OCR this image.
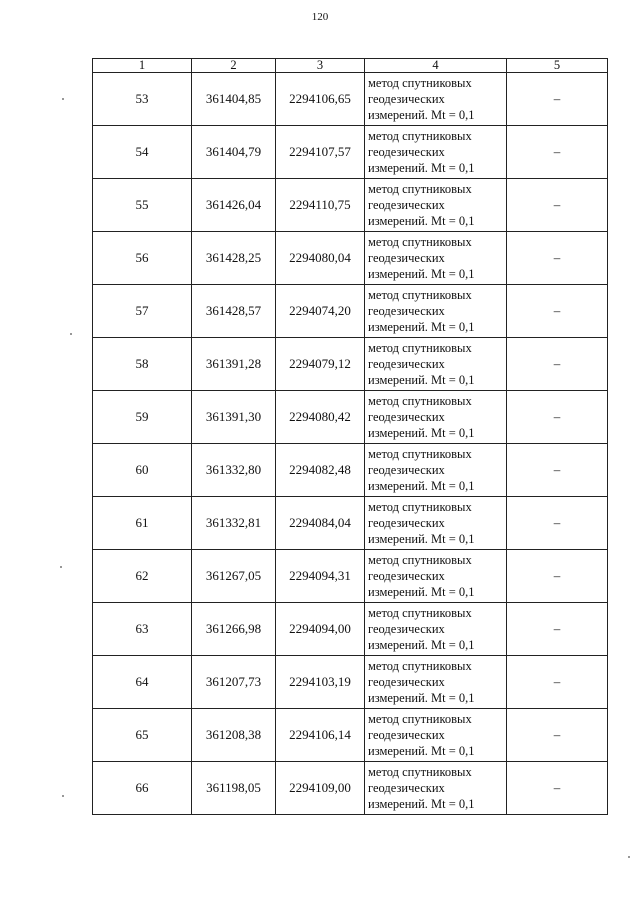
120
1	2	3	4	5
53	361404,85	2294106,65	метод спутниковых
геодезических
измерений. Mt = 0,1	–
54	361404,79	2294107,57	метод спутниковых
геодезических
измерений. Mt = 0,1	–
55	361426,04	2294110,75	метод спутниковых
геодезических
измерений. Mt = 0,1	–
56	361428,25	2294080,04	метод спутниковых
геодезических
измерений. Mt = 0,1	–
57	361428,57	2294074,20	метод спутниковых
геодезических
измерений. Mt = 0,1	–
58	361391,28	2294079,12	метод спутниковых
геодезических
измерений. Mt = 0,1	–
59	361391,30	2294080,42	метод спутниковых
геодезических
измерений. Mt = 0,1	–
60	361332,80	2294082,48	метод спутниковых
геодезических
измерений. Mt = 0,1	–
61	361332,81	2294084,04	метод спутниковых
геодезических
измерений. Mt = 0,1	–
62	361267,05	2294094,31	метод спутниковых
геодезических
измерений. Mt = 0,1	–
63	361266,98	2294094,00	метод спутниковых
геодезических
измерений. Mt = 0,1	–
64	361207,73	2294103,19	метод спутниковых
геодезических
измерений. Mt = 0,1	–
65	361208,38	2294106,14	метод спутниковых
геодезических
измерений. Mt = 0,1	–
66	361198,05	2294109,00	метод спутниковых
геодезических
измерений. Mt = 0,1	–
